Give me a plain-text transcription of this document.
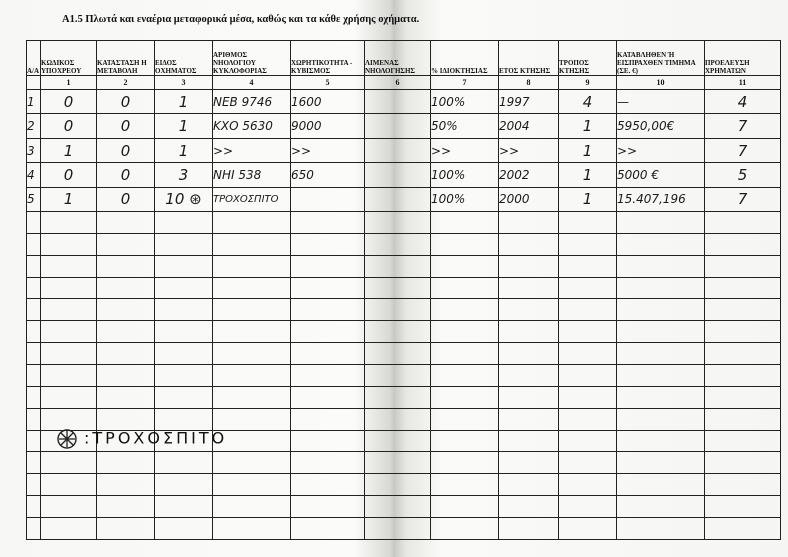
Α1.5 Πλωτά και εναέρια μεταφορικά μέσα, καθώς και τα κάθε χρήσης οχήματα.
Α/Α	ΚΩΔΙΚΟΣ ΥΠΟΧΡΕΟΥ	ΚΑΤΑΣΤΑΣΗ Η ΜΕΤΑΒΟΛΗ	ΕΙΔΟΣ ΟΧΗΜΑΤΟΣ	ΑΡΙΘΜΟΣ ΝΗΟΛΟΓΙΟΥ ΚΥΚΛΟΦΟΡΙΑΣ	ΧΩΡΗΤΙΚΟΤΗΤΑ - ΚΥΒΙΣΜΟΣ	ΛΙΜΕΝΑΣ ΝΗΟΛΟΓΗΣΗΣ	% ΙΔΙΟΚΤΗΣΙΑΣ	ΕΤΟΣ ΚΤΗΣΗΣ	ΤΡΟΠΟΣ ΚΤΗΣΗΣ	ΚΑΤΑΒΛΗΘΕΝ Ή ΕΙΣΠΡΑΧΘΕΝ ΤΙΜΗΜΑ (ΣΕ. €)	ΠΡΟΕΛΕΥΣΗ ΧΡΗΜΑΤΩΝ
	1	2	3	4	5	6	7	8	9	10	11
1	0	0	1	ΝΕΒ 9746	1600		100%	1997	4	—	4
2	0	0	1	ΚΧΟ 5630	9000		50%	2004	1	5950,00€	7
3	1	0	1	>>	>>		>>	>>	1	>>	7
4	0	0	3	ΝΗΙ 538	650		100%	2002	1	5000 €	5
5	1	0	10 ⊛	ΤΡΟΧΟΣΠΙΤΟ			100%	2000	1	15.407,196	7

:ΤΡΟΧΟΣΠΙΤΟ
